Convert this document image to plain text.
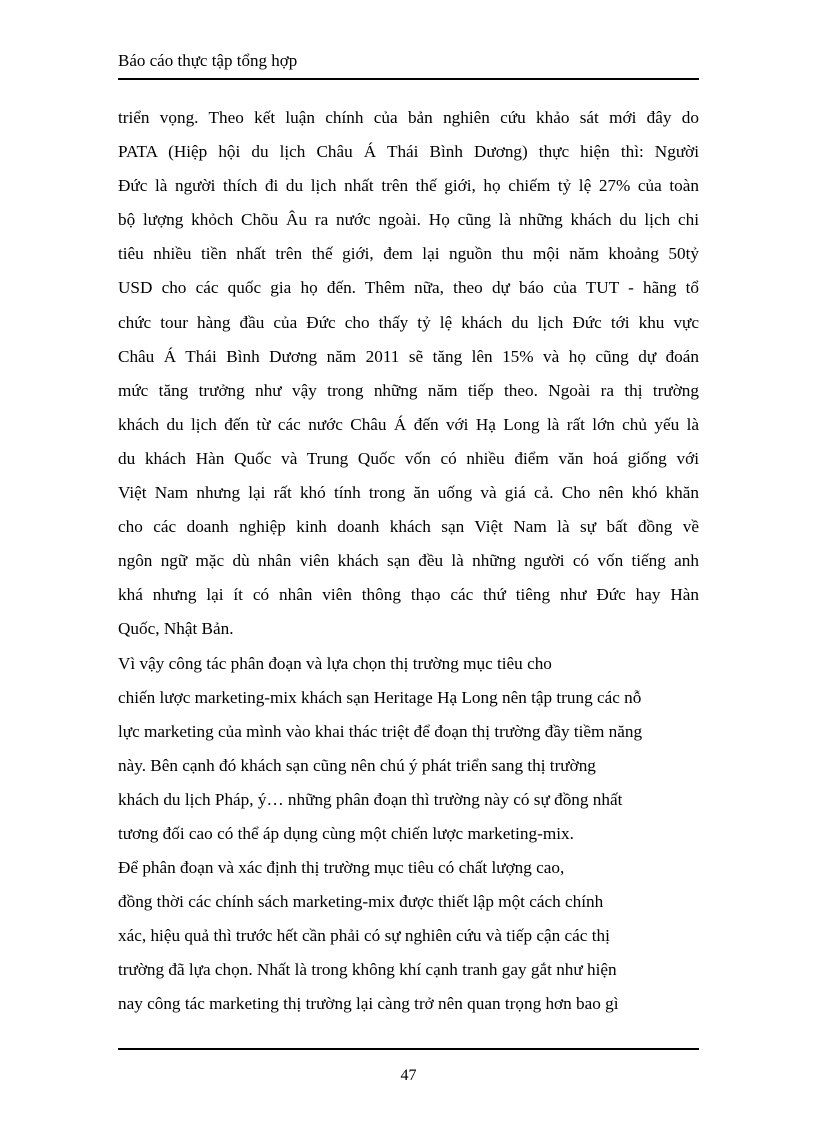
Báo cáo thực tập tổng hợp
triển vọng. Theo kết luận chính của bản nghiên cứu khảo sát mới đây do
PATA (Hiệp hội du lịch Châu Á Thái Bình Dương) thực hiện thì: Người
Đức là người thích đi du lịch nhất trên thế giới, họ chiếm tỷ lệ 27% của toàn
bộ lượng khỏch Chõu Âu ra nước ngoài. Họ cũng là những khách du lịch chi
tiêu nhiều tiền nhất trên thế giới, đem lại nguồn thu mội năm khoảng 50tỷ
USD cho các quốc gia họ đến. Thêm nữa, theo dự báo của TUT - hãng tổ
chức tour hàng đầu của Đức cho thấy tỷ lệ khách du lịch Đức tới khu vực
Châu Á Thái Bình Dương năm 2011 sẽ tăng lên 15% và họ cũng dự đoán
mức tăng trưởng như vậy trong những năm tiếp theo. Ngoài ra thị trường
khách du lịch đến từ các nước Châu Á đến với Hạ Long là rất lớn chủ yếu là
du khách Hàn Quốc và Trung Quốc vốn có nhiều điểm văn hoá giống với
Việt Nam nhưng lại rất khó tính trong ăn uống và giá cả. Cho nên khó khăn
cho các doanh nghiệp kinh doanh khách sạn Việt Nam là sự bất đồng về
ngôn ngữ mặc dù nhân viên khách sạn đều là những người có vốn tiếng anh
khá nhưng lại ít có nhân viên thông thạo các thứ tiêng như Đức hay Hàn
Quốc, Nhật Bản.
Vì vậy công tác phân đoạn và lựa chọn thị trường mục tiêu cho
chiến lược marketing-mix khách sạn Heritage Hạ Long nên tập trung các nỗ
lực marketing của mình vào khai thác triệt để đoạn thị trường đầy tiềm năng
này. Bên cạnh đó khách sạn cũng nên chú ý phát triển sang thị trường
khách du lịch Pháp, ý… những phân đoạn thì trường này có sự đồng nhất
tương đối cao có thể áp dụng cùng một chiến lược marketing-mix.
Để phân đoạn và xác định thị trường mục tiêu có chất lượng cao,
đồng thời các chính sách marketing-mix được thiết lập một cách chính
xác, hiệu quả thì trước hết cần phải có sự nghiên cứu và tiếp cận các thị
trường đã lựa chọn. Nhất là trong không khí cạnh tranh gay gắt như hiện
nay công tác marketing thị trường lại càng trở nên quan trọng hơn bao gì
47
